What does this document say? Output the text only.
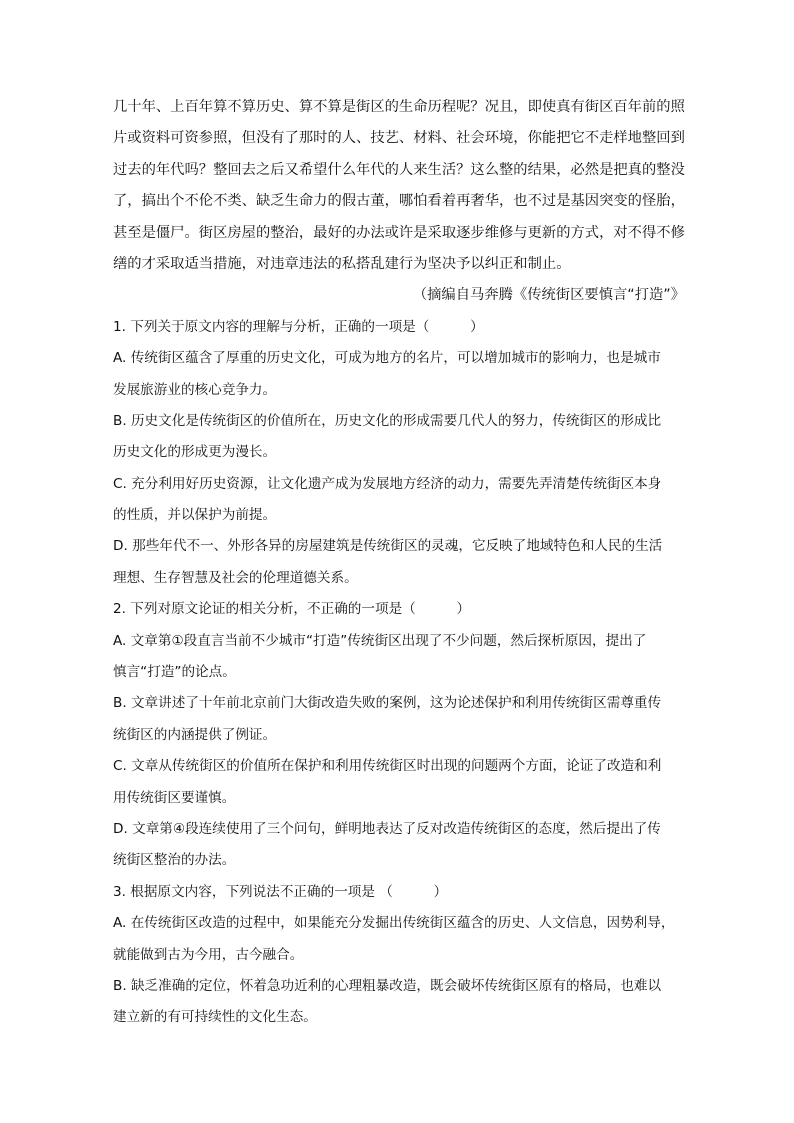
几十年、上百年算不算历史、算不算是街区的生命历程呢？况且，即使真有街区百年前的照
片或资料可资参照，但没有了那时的人、技艺、材料、社会环境，你能把它不走样地整回到
过去的年代吗？整回去之后又希望什么年代的人来生活？这么整的结果，必然是把真的整没
了，搞出个不伦不类、缺乏生命力的假古董，哪怕看着再奢华，也不过是基因突变的怪胎，
甚至是僵尸。街区房屋的整治，最好的办法或许是采取逐步维修与更新的方式，对不得不修
缮的才采取适当措施，对违章违法的私搭乱建行为坚决予以纠正和制止。
（摘编自马奔腾《传统街区要慎言“打造”》
1. 下列关于原文内容的理解与分析，正确的一项是（　　　）
A. 传统街区蕴含了厚重的历史文化，可成为地方的名片，可以增加城市的影响力，也是城市
发展旅游业的核心竞争力。
B. 历史文化是传统街区的价值所在，历史文化的形成需要几代人的努力，传统街区的形成比
历史文化的形成更为漫长。
C. 充分利用好历史资源，让文化遗产成为发展地方经济的动力，需要先弄清楚传统街区本身
的性质，并以保护为前提。
D. 那些年代不一、外形各异的房屋建筑是传统街区的灵魂，它反映了地域特色和人民的生活
理想、生存智慧及社会的伦理道德关系。
2. 下列对原文论证的相关分析，不正确的一项是（　　　）
A. 文章第①段直言当前不少城市“打造”传统街区出现了不少问题，然后探析原因，提出了
慎言“打造”的论点。
B. 文章讲述了十年前北京前门大街改造失败的案例，这为论述保护和利用传统街区需尊重传
统街区的内涵提供了例证。
C. 文章从传统街区的价值所在保护和利用传统街区时出现的问题两个方面，论证了改造和利
用传统街区要谨慎。
D. 文章第④段连续使用了三个问句，鲜明地表达了反对改造传统街区的态度，然后提出了传
统街区整治的办法。
3. 根据原文内容，下列说法不正确的一项是 （　　　）
A. 在传统街区改造的过程中，如果能充分发掘出传统街区蕴含的历史、人文信息，因势利导，
就能做到古为今用，古今融合。
B. 缺乏准确的定位，怀着急功近利的心理粗暴改造，既会破坏传统街区原有的格局，也难以
建立新的有可持续性的文化生态。
